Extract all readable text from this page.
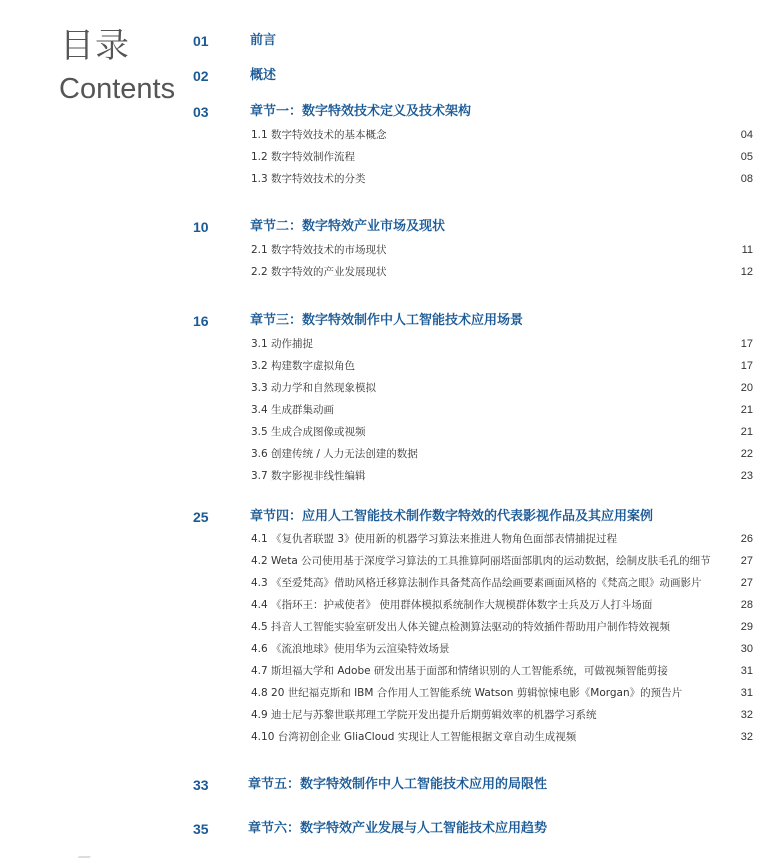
目录
Contents
01	前言
02	概述
03	章节一：数字特效技术定义及技术架构
1.1 数字特效技术的基本概念	04
1.2 数字特效制作流程	05
1.3 数字特效技术的分类	08
10	章节二：数字特效产业市场及现状
2.1 数字特效技术的市场现状	11
2.2 数字特效的产业发展现状	12
16	章节三：数字特效制作中人工智能技术应用场景
3.1 动作捕捉	17
3.2 构建数字虚拟角色	17
3.3 动力学和自然现象模拟	20
3.4 生成群集动画	21
3.5 生成合成图像或视频	21
3.6 创建传统 / 人力无法创建的数据	22
3.7 数字影视非线性编辑	23
25	章节四：应用人工智能技术制作数字特效的代表影视作品及其应用案例
4.1 《复仇者联盟 3》使用新的机器学习算法来推进人物角色面部表情捕捉过程	26
4.2 Weta 公司使用基于深度学习算法的工具推算阿丽塔面部肌肉的运动数据，绘制皮肤毛孔的细节	27
4.3 《至爱梵高》借助风格迁移算法制作具备梵高作品绘画要素画面风格的《梵高之眼》动画影片	27
4.4 《指环王：护戒使者》 使用群体模拟系统制作大规模群体数字士兵及万人打斗场面	28
4.5 抖音人工智能实验室研发出人体关键点检测算法驱动的特效插件帮助用户制作特效视频	29
4.6 《流浪地球》使用华为云渲染特效场景	30
4.7 斯坦福大学和 Adobe 研发出基于面部和情绪识别的人工智能系统，可做视频智能剪接	31
4.8 20 世纪福克斯和 IBM 合作用人工智能系统 Watson 剪辑惊悚电影《Morgan》的预告片	31
4.9 迪士尼与苏黎世联邦理工学院开发出提升后期剪辑效率的机器学习系统	32
4.10 台湾初创企业 GliaCloud 实现让人工智能根据文章自动生成视频	32
33	章节五：数字特效制作中人工智能技术应用的局限性
35	章节六：数字特效产业发展与人工智能技术应用趋势
